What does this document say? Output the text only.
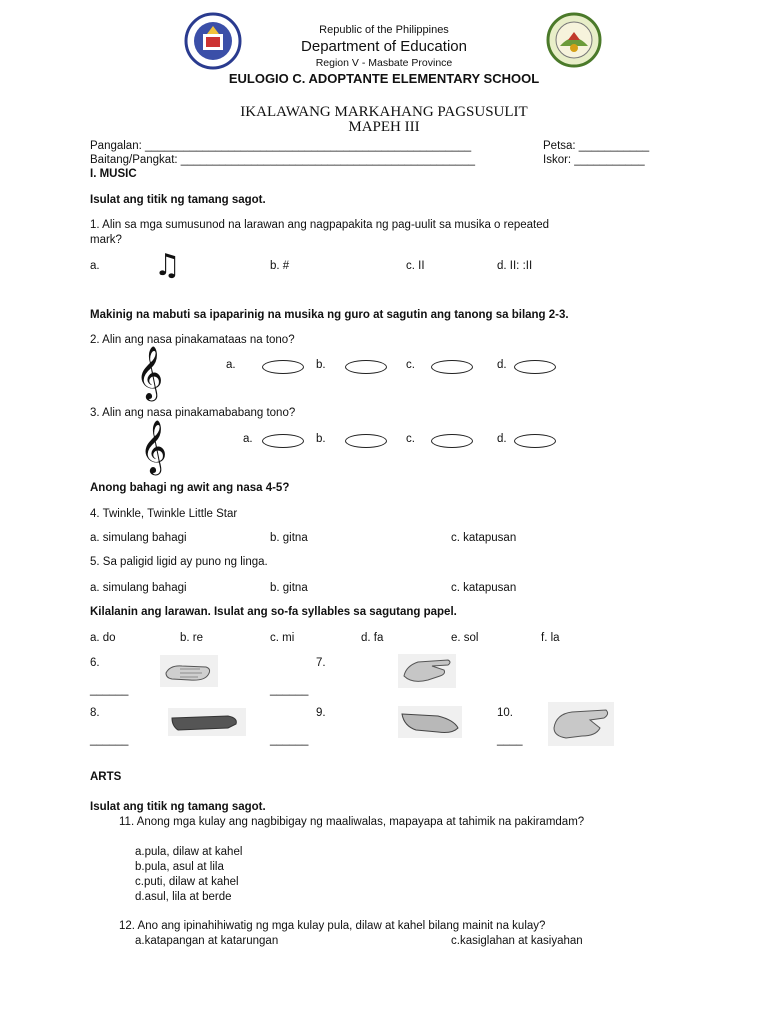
Republic of the Philippines
Department of Education
Region V - Masbate Province
EULOGIO C. ADOPTANTE ELEMENTARY SCHOOL
IKALAWANG MARKAHANG PAGSUSULIT
MAPEH III
Pangalan: ___________________________________________________	Petsa: ___________
Baitang/Pangkat: ______________________________________________	Iskor: ___________
I. MUSIC
Isulat ang titik ng tamang sagot.
1. Alin sa mga sumusunod na larawan ang nagpapakita ng pag-uulit sa musika o repeated
mark?
a. ♫	b. #	c. II	d. II: :II
Makinig na mabuti sa ipaparinig na musika ng guro at sagutin ang tanong sa bilang 2-3.
2. Alin ang nasa pinakamataas na tono?
𝄞	a.	b.	c.	d.
3. Alin ang nasa pinakamababang tono?
𝄞	a.	b.	c.	d.
Anong bahagi ng awit ang nasa 4-5?
4. Twinkle, Twinkle Little Star
a. simulang bahagi	b. gitna	c. katapusan
5. Sa paligid ligid ay puno ng linga.
a. simulang bahagi	b. gitna	c. katapusan
Kilalanin ang larawan. Isulat ang so-fa syllables sa sagutang papel.
a. do	b. re	c. mi	d. fa	e. sol	f. la
6.	7.
______	______
8.	9.	10.
______	______	____
ARTS
Isulat ang titik ng tamang sagot.
11. Anong mga kulay ang nagbibigay ng maaliwalas, mapayapa at tahimik na pakiramdam?
a.pula, dilaw at kahel
b.pula, asul at lila
c.puti, dilaw at kahel
d.asul, lila at berde
12. Ano ang ipinahihiwatig ng mga kulay pula, dilaw at kahel bilang mainit na kulay?
a.katapangan at katarungan	c.kasiglahan at kasiyahan
